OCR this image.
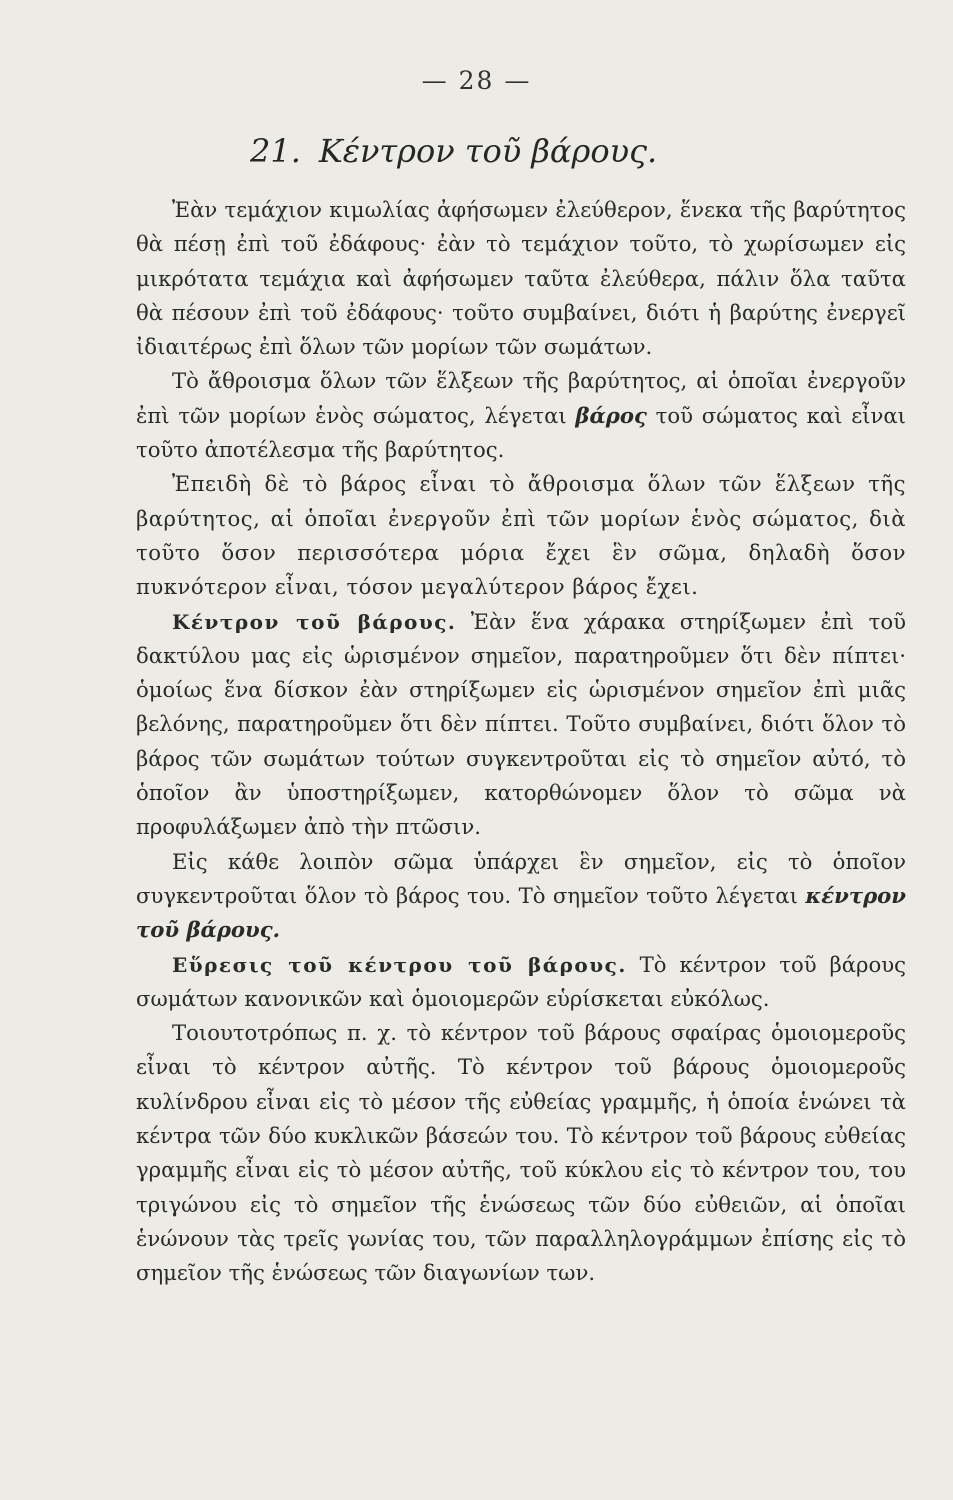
— 28 —
21. Κέντρον τοῦ βάρους.

Ἐὰν τεμάχιον κιμωλίας ἀφήσωμεν ἐλεύθερον, ἕνεκα τῆς βαρύτητος θὰ πέσῃ ἐπὶ τοῦ ἐδάφους· ἐὰν τὸ τεμάχιον τοῦτο, τὸ χωρίσωμεν εἰς μικρότατα τεμάχια καὶ ἀφήσωμεν ταῦτα ἐλεύθερα, πάλιν ὅλα ταῦτα θὰ πέσουν ἐπὶ τοῦ ἐδάφους· τοῦτο συμβαίνει, διότι ἡ βαρύτης ἐνεργεῖ ἰδιαιτέρως ἐπὶ ὅλων τῶν μορίων τῶν σωμάτων.

Τὸ ἄθροισμα ὅλων τῶν ἕλξεων τῆς βαρύτητος, αἱ ὁποῖαι ἐνεργοῦν ἐπὶ τῶν μορίων ἑνὸς σώματος, λέγεται βάρος τοῦ σώματος καὶ εἶναι τοῦτο ἀποτέλεσμα τῆς βαρύτητος.

Ἐπειδὴ δὲ τὸ βάρος εἶναι τὸ ἄθροισμα ὅλων τῶν ἕλξεων τῆς βαρύτητος, αἱ ὁποῖαι ἐνεργοῦν ἐπὶ τῶν μορίων ἑνὸς σώματος, διὰ τοῦτο ὅσον περισσότερα μόρια ἔχει ἓν σῶμα, δηλαδὴ ὅσον πυκνότερον εἶναι, τόσον μεγαλύτερον βάρος ἔχει.

Κέντρον τοῦ βάρους. Ἐὰν ἕνα χάρακα στηρίξωμεν ἐπὶ τοῦ δακτύλου μας εἰς ὡρισμένον σημεῖον, παρατηροῦμεν ὅτι δὲν πίπτει· ὁμοίως ἕνα δίσκον ἐὰν στηρίξωμεν εἰς ὡρισμένον σημεῖον ἐπὶ μιᾶς βελόνης, παρατηροῦμεν ὅτι δὲν πίπτει. Τοῦτο συμβαίνει, διότι ὅλον τὸ βάρος τῶν σωμάτων τούτων συγκεντροῦται εἰς τὸ σημεῖον αὐτό, τὸ ὁποῖον ἂν ὑποστηρίξωμεν, κατορθώνομεν ὅλον τὸ σῶμα νὰ προφυλάξωμεν ἀπὸ τὴν πτῶσιν.

Εἰς κάθε λοιπὸν σῶμα ὑπάρχει ἓν σημεῖον, εἰς τὸ ὁποῖον συγκεντροῦται ὅλον τὸ βάρος του. Τὸ σημεῖον τοῦτο λέγεται κέντρον τοῦ βάρους.

Εὕρεσις τοῦ κέντρου τοῦ βάρους. Τὸ κέντρον τοῦ βάρους σωμάτων κανονικῶν καὶ ὁμοιομερῶν εὑρίσκεται εὐκόλως.

Τοιουτοτρόπως π. χ. τὸ κέντρον τοῦ βάρους σφαίρας ὁμοιομεροῦς εἶναι τὸ κέντρον αὐτῆς. Τὸ κέντρον τοῦ βάρους ὁμοιομεροῦς κυλίνδρου εἶναι εἰς τὸ μέσον τῆς εὐθείας γραμμῆς, ἡ ὁποία ἑνώνει τὰ κέντρα τῶν δύο κυκλικῶν βάσεών του. Τὸ κέντρον τοῦ βάρους εὐθείας γραμμῆς εἶναι εἰς τὸ μέσον αὐτῆς, τοῦ κύκλου εἰς τὸ κέντρον του, του τριγώνου εἰς τὸ σημεῖον τῆς ἑνώσεως τῶν δύο εὐθειῶν, αἱ ὁποῖαι ἑνώνουν τὰς τρεῖς γωνίας του, τῶν παραλληλογράμμων ἐπίσης εἰς τὸ σημεῖον τῆς ἑνώσεως τῶν διαγωνίων των.
